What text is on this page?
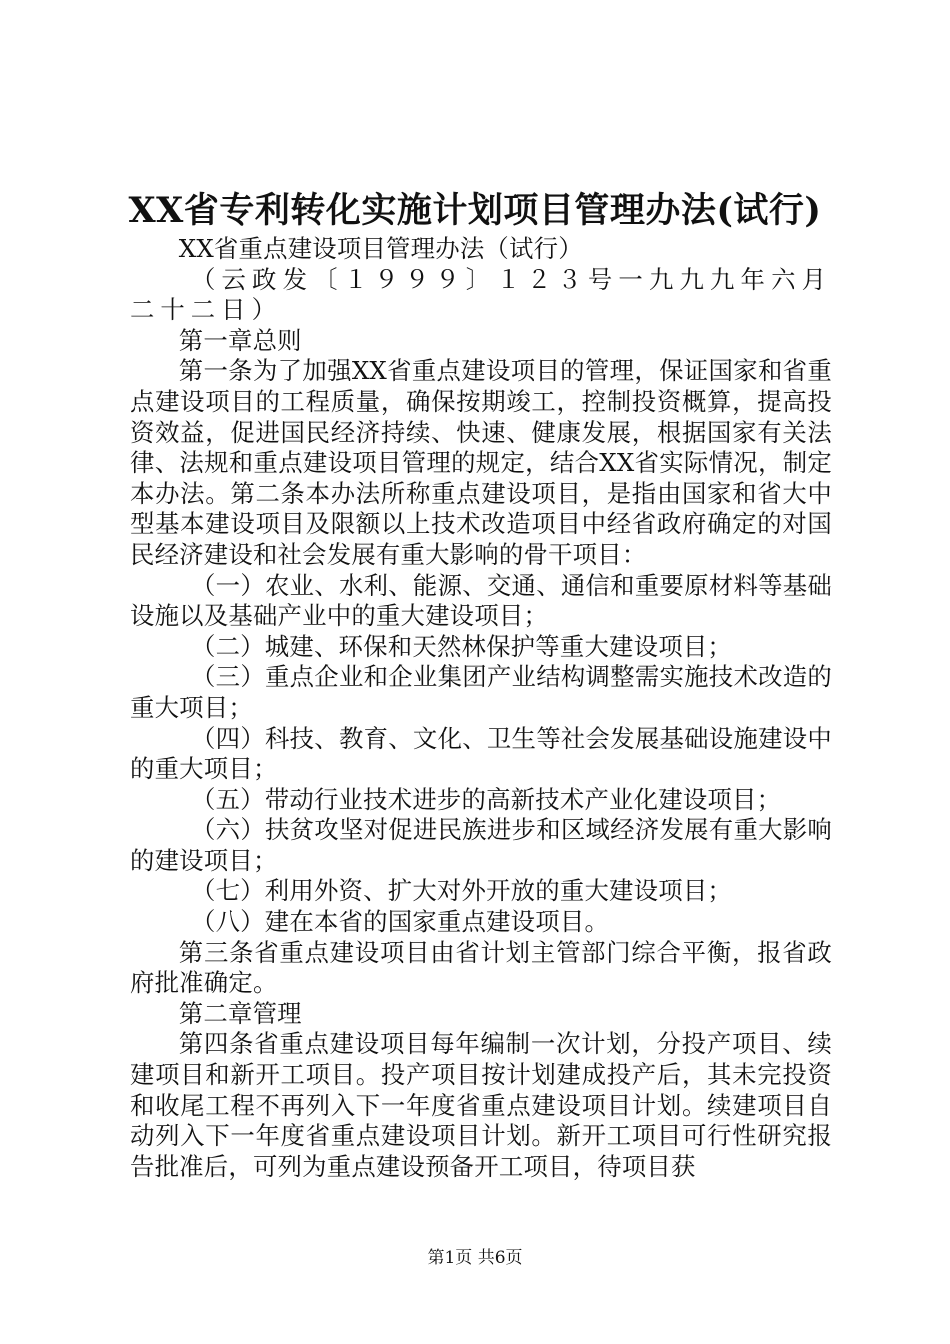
XX省专利转化实施计划项目管理办法(试行)

XX省重点建设项目管理办法（试行）

（云政发〔１９９９〕１２３号一九九九年六月二十二日）

第一章总则

第一条为了加强XX省重点建设项目的管理，保证国家和省重点建设项目的工程质量，确保按期竣工，控制投资概算，提高投资效益，促进国民经济持续、快速、健康发展，根据国家有关法律、法规和重点建设项目管理的规定，结合XX省实际情况，制定本办法。第二条本办法所称重点建设项目，是指由国家和省大中型基本建设项目及限额以上技术改造项目中经省政府确定的对国民经济建设和社会发展有重大影响的骨干项目：

（一）农业、水利、能源、交通、通信和重要原材料等基础设施以及基础产业中的重大建设项目；

（二）城建、环保和天然林保护等重大建设项目；

（三）重点企业和企业集团产业结构调整需实施技术改造的重大项目；

（四）科技、教育、文化、卫生等社会发展基础设施建设中的重大项目；

（五）带动行业技术进步的高新技术产业化建设项目；

（六）扶贫攻坚对促进民族进步和区域经济发展有重大影响的建设项目；

（七）利用外资、扩大对外开放的重大建设项目；

（八）建在本省的国家重点建设项目。

第三条省重点建设项目由省计划主管部门综合平衡，报省政府批准确定。

第二章管理

第四条省重点建设项目每年编制一次计划，分投产项目、续建项目和新开工项目。投产项目按计划建成投产后，其未完投资和收尾工程不再列入下一年度省重点建设项目计划。续建项目自动列入下一年度省重点建设项目计划。新开工项目可行性研究报告批准后，可列为重点建设预备开工项目，待项目获

第1页 共6页
